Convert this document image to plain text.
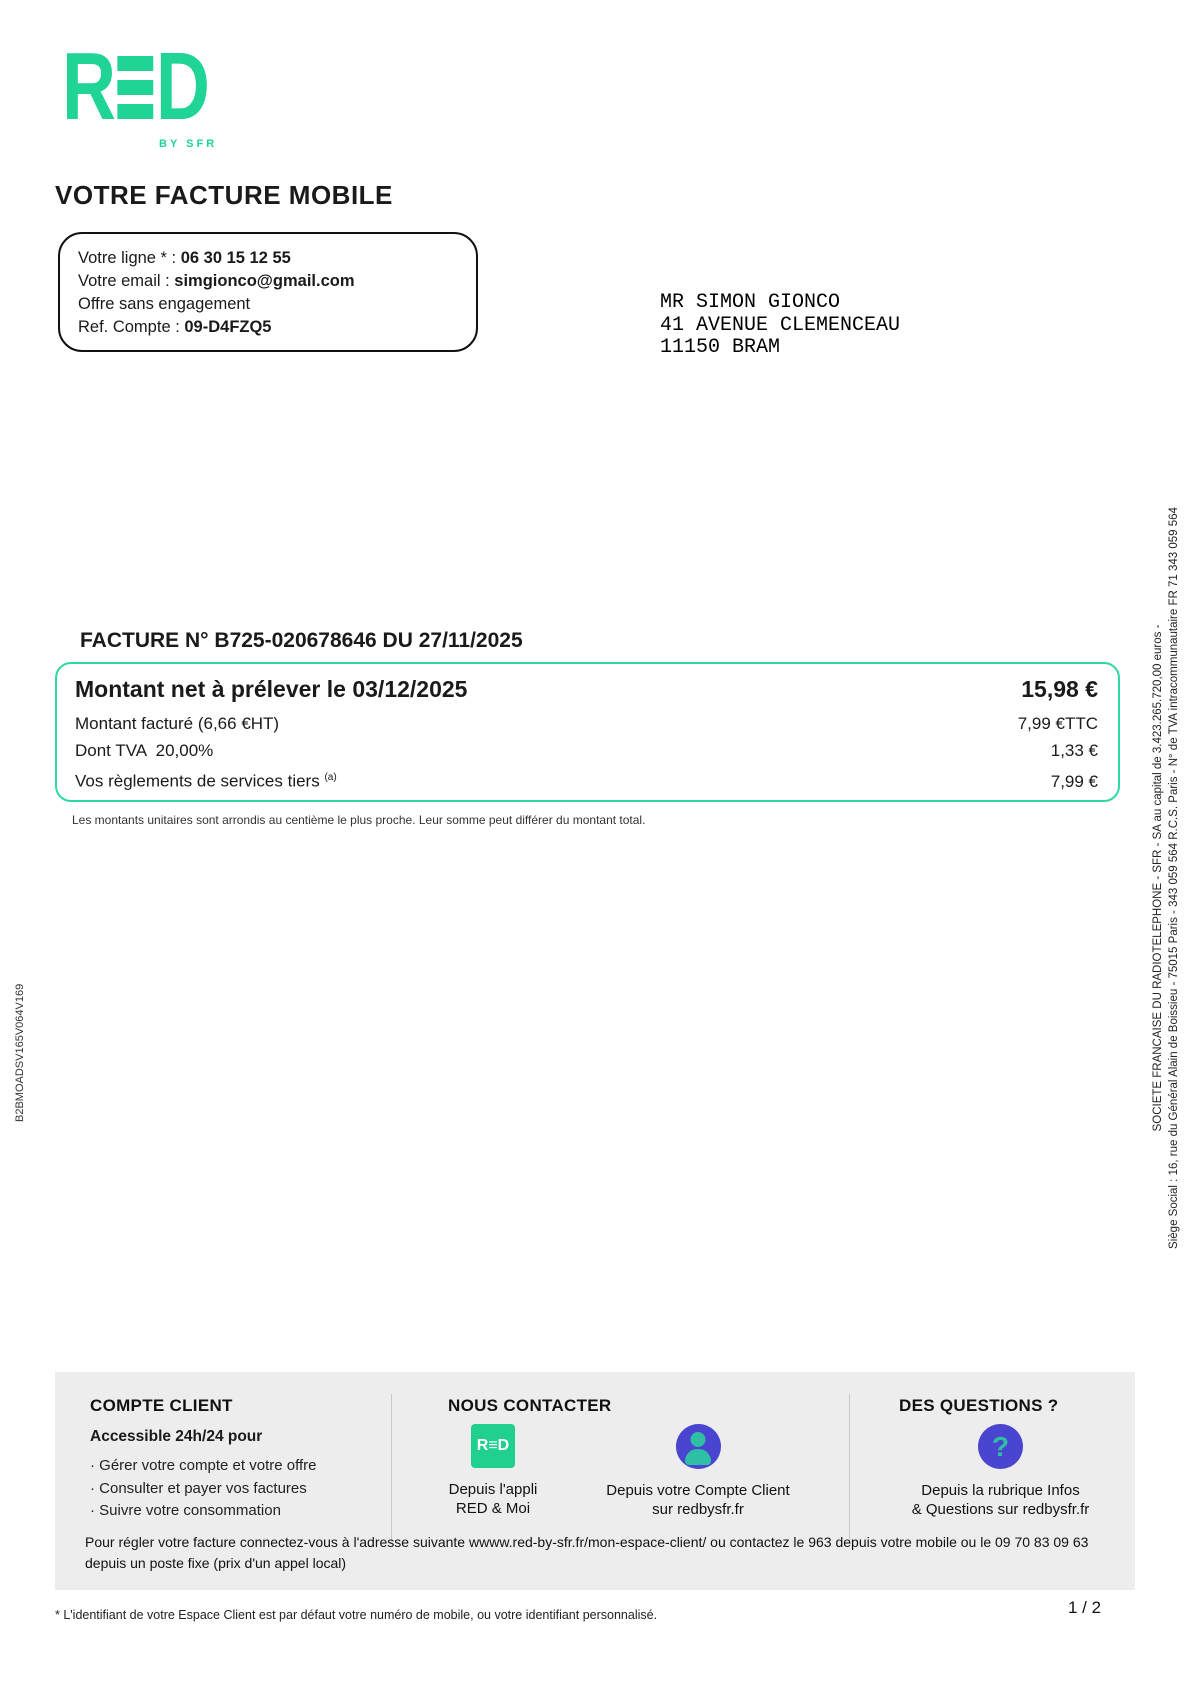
R D
BY SFR
VOTRE FACTURE MOBILE
Votre ligne * : 06 30 15 12 55
Votre email : simgionco@gmail.com
Offre sans engagement
Ref. Compte : 09-D4FZQ5
MR SIMON GIONCO
41 AVENUE CLEMENCEAU
11150 BRAM
FACTURE N° B725-020678646 DU 27/11/2025
Montant net à prélever le 03/12/2025	15,98 €
Montant facturé (6,66 €HT)	7,99 €TTC
Dont TVA  20,00%	1,33 €
Vos règlements de services tiers $^{(a)}$	7,99 €
Les montants unitaires sont arrondis au centième le plus proche. Leur somme peut différer du montant total.
B2BMOADSV165V064V169	SOCIETE FRANCAISE DU RADIOTELEPHONE - SFR - SA au capital de 3.423.265.720,00 euros - Siège Social : 16, rue du Général Alain de Boissieu - 75015 Paris - 343 059 564 R.C.S. Paris - N° de TVA intracommunautaire FR 71 343 059 564
COMPTE CLIENT	NOUS CONTACTER	DES QUESTIONS ?
Accessible 24h/24 pour
· Gérer votre compte et votre offre
· Consulter et payer vos factures
· Suivre votre consommation
R≡D
Depuis l'appli
RED & Moi
Depuis votre Compte Client
sur redbysfr.fr
?
Depuis la rubrique Infos
& Questions sur redbysfr.fr
Pour régler votre facture connectez-vous à l'adresse suivante wwww.red-by-sfr.fr/mon-espace-client/ ou contactez le 963 depuis votre mobile ou le 09 70 83 09 63 depuis un poste fixe (prix d'un appel local)
* L'identifiant de votre Espace Client est par défaut votre numéro de mobile, ou votre identifiant personnalisé.	1 / 2
